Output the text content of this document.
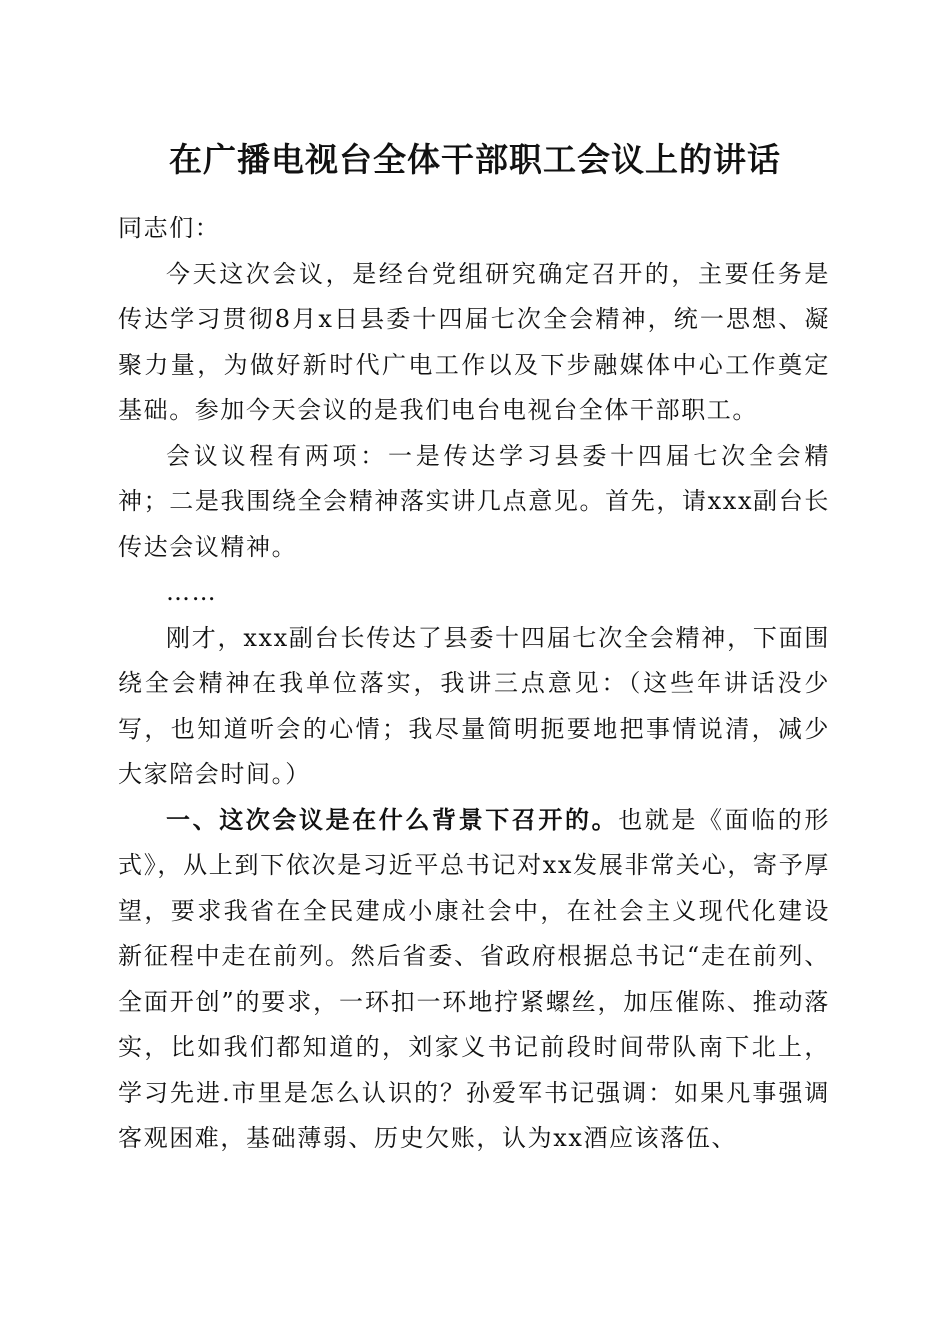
在广播电视台全体干部职工会议上的讲话

同志们：

今天这次会议，是经台党组研究确定召开的，主要任务是传达学习贯彻8月x日县委十四届七次全会精神，统一思想、凝聚力量，为做好新时代广电工作以及下步融媒体中心工作奠定基础。参加今天会议的是我们电台电视台全体干部职工。

会议议程有两项：一是传达学习县委十四届七次全会精神；二是我围绕全会精神落实讲几点意见。首先，请xxx副台长传达会议精神。

……

刚才，xxx副台长传达了县委十四届七次全会精神，下面围绕全会精神在我单位落实，我讲三点意见：（这些年讲话没少写，也知道听会的心情；我尽量简明扼要地把事情说清，减少大家陪会时间。）

一、这次会议是在什么背景下召开的。也就是《面临的形式》，从上到下依次是习近平总书记对xx发展非常关心，寄予厚望，要求我省在全民建成小康社会中，在社会主义现代化建设新征程中走在前列。然后省委、省政府根据总书记“走在前列、全面开创”的要求，一环扣一环地拧紧螺丝，加压催陈、推动落实，比如我们都知道的，刘家义书记前段时间带队南下北上，学习先进.市里是怎么认识的？孙爱军书记强调：如果凡事强调客观困难，基础薄弱、历史欠账，认为xx酒应该落伍、
